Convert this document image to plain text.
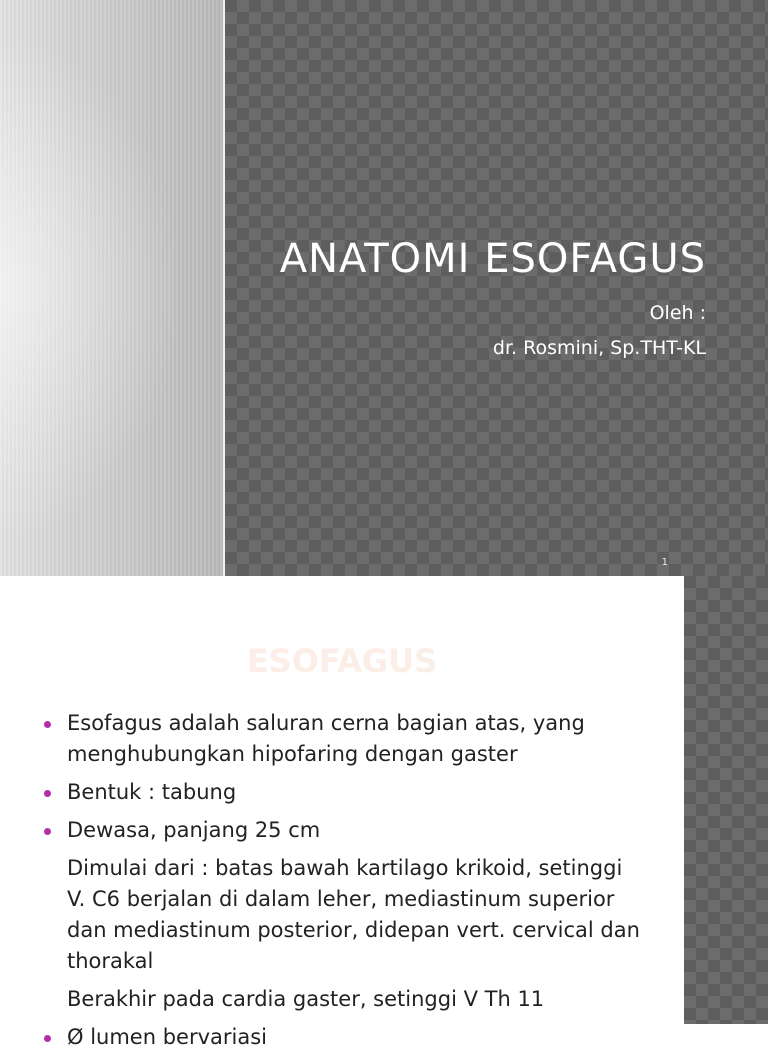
ANATOMI ESOFAGUS

Oleh :

dr. Rosmini, Sp.THT-KL

1
ESOFAGUS
Esofagus adalah saluran cerna bagian atas, yang menghubungkan hipofaring dengan gaster
Bentuk : tabung
Dewasa, panjang 25 cm
Dimulai dari : batas bawah kartilago krikoid, setinggi V. C6 berjalan di dalam leher, mediastinum superior dan mediastinum posterior, didepan vert. cervical dan thorakal
Berakhir pada cardia gaster, setinggi V Th 11
Ø lumen bervariasi
